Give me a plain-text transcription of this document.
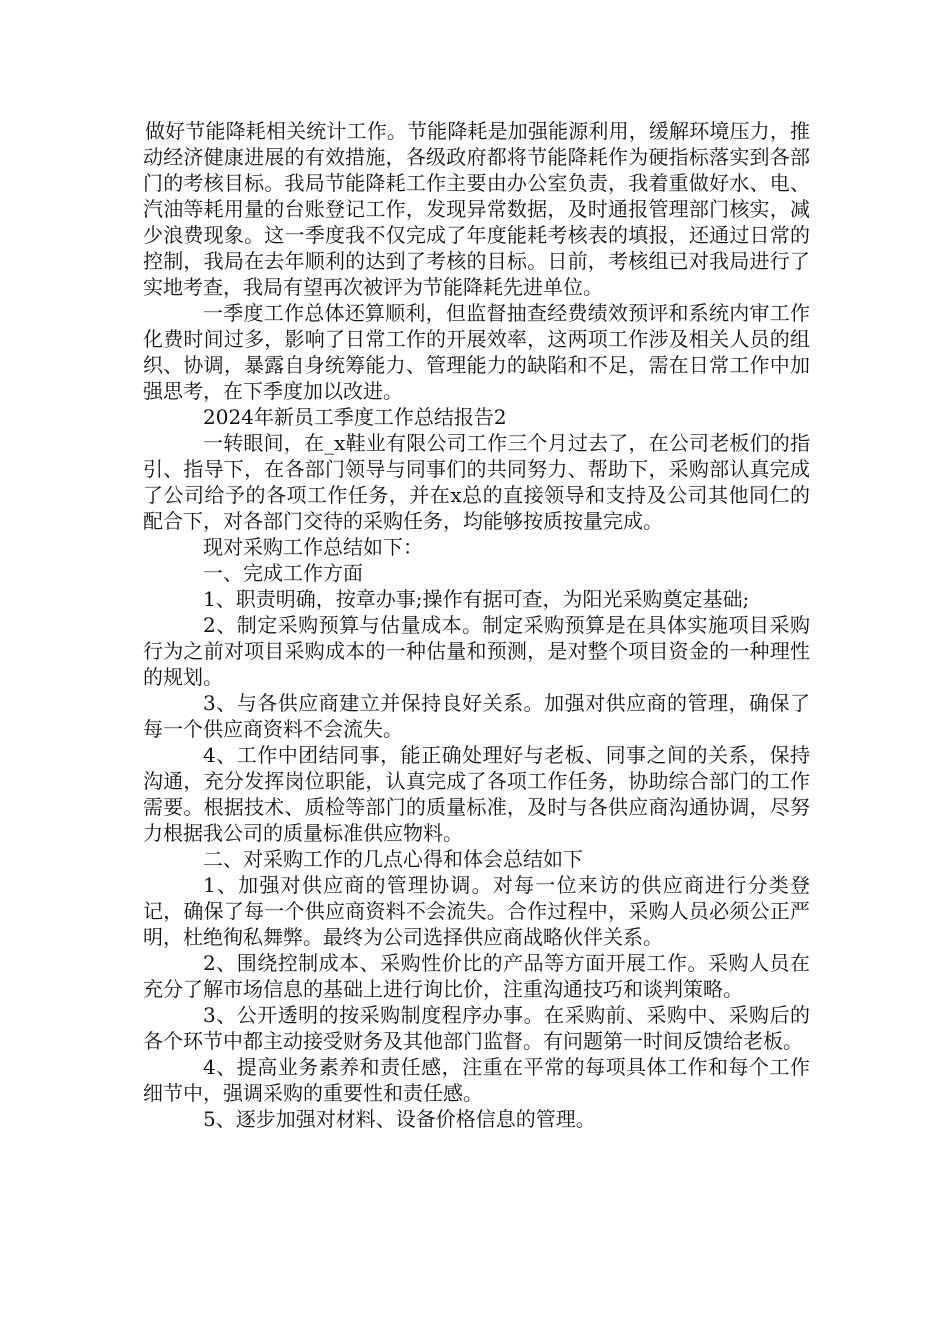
做好节能降耗相关统计工作。节能降耗是加强能源利用，缓解环境压力，推动经济健康进展的有效措施，各级政府都将节能降耗作为硬指标落实到各部门的考核目标。我局节能降耗工作主要由办公室负责，我着重做好水、电、汽油等耗用量的台账登记工作，发现异常数据，及时通报管理部门核实，减少浪费现象。这一季度我不仅完成了年度能耗考核表的填报，还通过日常的控制，我局在去年顺利的达到了考核的目标。日前，考核组已对我局进行了实地考查，我局有望再次被评为节能降耗先进单位。

一季度工作总体还算顺利，但监督抽查经费绩效预评和系统内审工作化费时间过多，影响了日常工作的开展效率，这两项工作涉及相关人员的组织、协调，暴露自身统筹能力、管理能力的缺陷和不足，需在日常工作中加强思考，在下季度加以改进。

2024年新员工季度工作总结报告2

一转眼间，在_x鞋业有限公司工作三个月过去了，在公司老板们的指引、指导下，在各部门领导与同事们的共同努力、帮助下，采购部认真完成了公司给予的各项工作任务，并在x总的直接领导和支持及公司其他同仁的配合下，对各部门交待的采购任务，均能够按质按量完成。

现对采购工作总结如下：

一、完成工作方面

1、职责明确，按章办事;操作有据可查，为阳光采购奠定基础;

2、制定采购预算与估量成本。制定采购预算是在具体实施项目采购行为之前对项目采购成本的一种估量和预测，是对整个项目资金的一种理性的规划。

3、与各供应商建立并保持良好关系。加强对供应商的管理，确保了每一个供应商资料不会流失。

4、工作中团结同事，能正确处理好与老板、同事之间的关系，保持沟通，充分发挥岗位职能，认真完成了各项工作任务，协助综合部门的工作需要。根据技术、质检等部门的质量标准，及时与各供应商沟通协调，尽努力根据我公司的质量标准供应物料。

二、对采购工作的几点心得和体会总结如下

1、加强对供应商的管理协调。对每一位来访的供应商进行分类登记，确保了每一个供应商资料不会流失。合作过程中，采购人员必须公正严明，杜绝徇私舞弊。最终为公司选择供应商战略伙伴关系。

2、围绕控制成本、采购性价比的产品等方面开展工作。采购人员在充分了解市场信息的基础上进行询比价，注重沟通技巧和谈判策略。

3、公开透明的按采购制度程序办事。在采购前、采购中、采购后的各个环节中都主动接受财务及其他部门监督。有问题第一时间反馈给老板。

4、提高业务素养和责任感，注重在平常的每项具体工作和每个工作细节中，强调采购的重要性和责任感。

5、逐步加强对材料、设备价格信息的管理。
